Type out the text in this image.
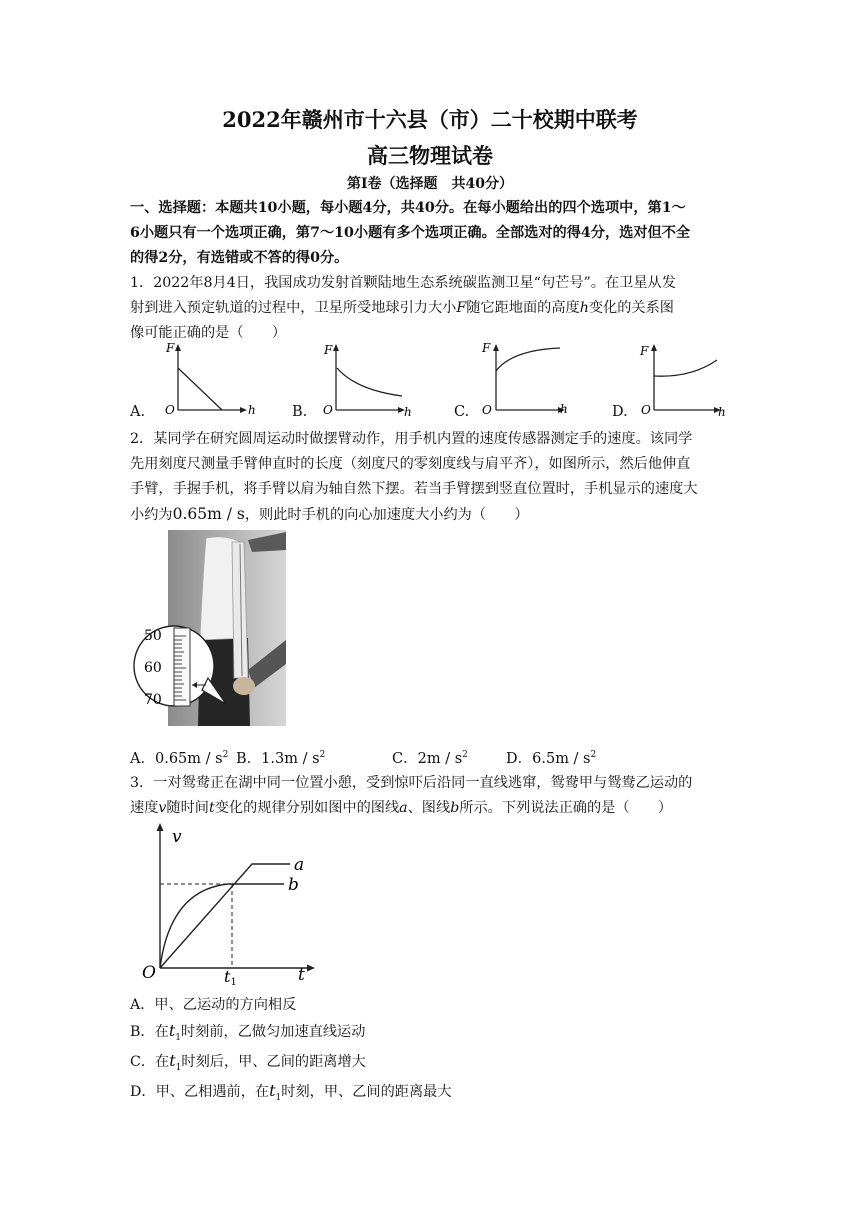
2022年赣州市十六县（市）二十校期中联考
高三物理试卷
第Ⅰ卷（选择题　共40分）
一、选择题：本题共10小题，每小题4分，共40分。在每小题给出的四个选项中，第1～
6小题只有一个选项正确，第7～10小题有多个选项正确。全部选对的得4分，选对但不全
的得2分，有选错或不答的得0分。
1．2022年8月4日，我国成功发射首颗陆地生态系统碳监测卫星“句芒号”。在卫星从发
射到进入预定轨道的过程中，卫星所受地球引力大小F随它距地面的高度h变化的关系图
像可能正确的是（　　）
A.
F
O	h	B.
F
O	h	C.
F
O	h	D.
F
O	h
2．某同学在研究圆周运动时做摆臂动作，用手机内置的速度传感器测定手的速度。该同学
先用刻度尺测量手臂伸直时的长度（刻度尺的零刻度线与肩平齐），如图所示，然后他伸直
手臂，手握手机，将手臂以肩为轴自然下摆。若当手臂摆到竖直位置时，手机显示的速度大
小约为0.65m / s，则此时手机的向心加速度大小约为（　　）
50
60
70
A．$0.65m / s^2$ B．$1.3m / s^2$	C．$2m / s^2$	D．$6.5m / s^2$
3．一对鸳鸯正在湖中同一位置小憩，受到惊吓后沿同一直线逃窜，鸳鸯甲与鸳鸯乙运动的
速度v随时间t变化的规律分别如图中的图线a、图线b所示。下列说法正确的是（　　）
v
O	t
t1
a
b
A．甲、乙运动的方向相反
B．在$t_1$时刻前，乙做匀加速直线运动
C．在$t_1$时刻后，甲、乙间的距离增大
D．甲、乙相遇前，在$t_1$时刻，甲、乙间的距离最大
